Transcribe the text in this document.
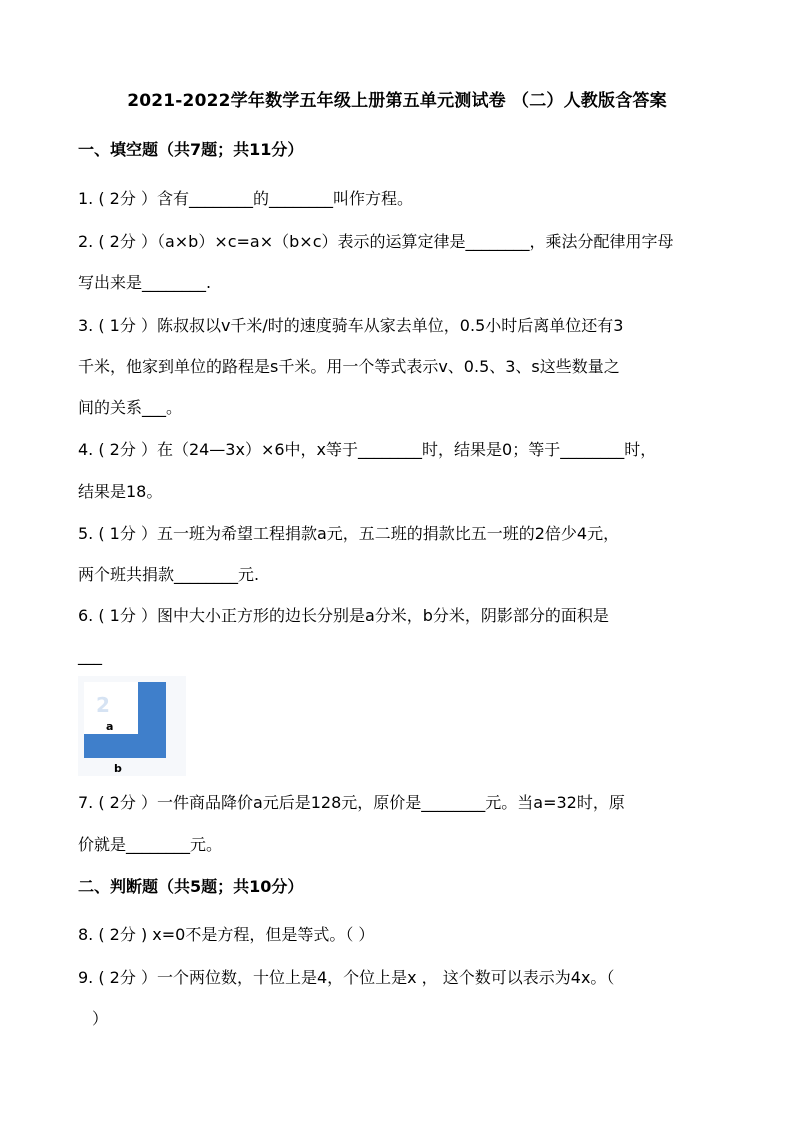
2021-2022学年数学五年级上册第五单元测试卷 （二）人教版含答案
一、填空题（共7题；共11分）
1. ( 2分 ）含有________的________叫作方程。
2. ( 2分 ）（a×b）×c=a×（b×c）表示的运算定律是________，乘法分配律用字母
写出来是________.
3. ( 1分 ）陈叔叔以v千米/时的速度骑车从家去单位，0.5小时后离单位还有3
千米，他家到单位的路程是s千米。用一个等式表示v、0.5、3、s这些数量之
间的关系___。
4. ( 2分 ）在（24—3x）×6中，x等于________时，结果是0；等于________时，
结果是18。
5. ( 1分 ）五一班为希望工程捐款a元，五二班的捐款比五一班的2倍少4元，
两个班共捐款________元.
6. ( 1分 ）图中大小正方形的边长分别是a分米，b分米，阴影部分的面积是
___
2
a
b
7. ( 2分 ）一件商品降价a元后是128元，原价是________元。当a=32时，原
价就是________元。
二、判断题（共5题；共10分）
8. ( 2分 ) x=0不是方程，但是等式。（ ）
9. ( 2分 ）一个两位数，十位上是4，个位上是x ， 这个数可以表示为4x。（
）
